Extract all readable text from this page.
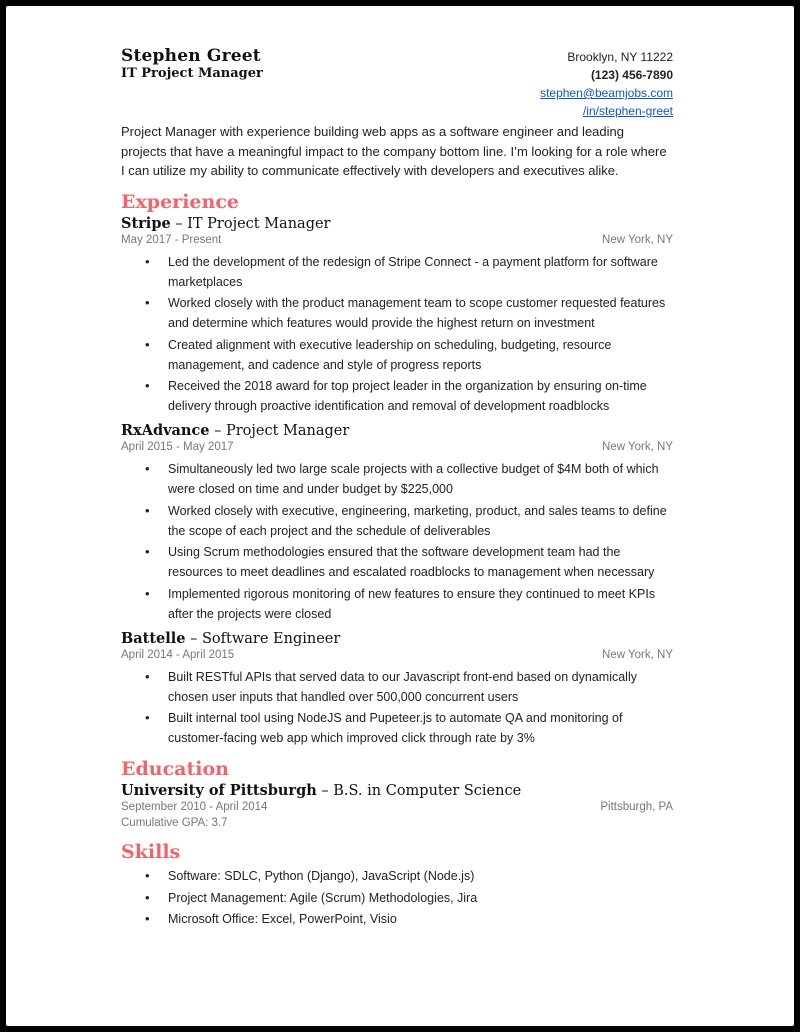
Stephen Greet
IT Project Manager
Brooklyn, NY 11222
(123) 456-7890
stephen@beamjobs.com
/in/stephen-greet

Project Manager with experience building web apps as a software engineer and leading projects that have a meaningful impact to the company bottom line. I’m looking for a role where I can utilize my ability to communicate effectively with developers and executives alike.

Experience
Stripe – IT Project Manager
May 2017 - Present	New York, NY
• Led the development of the redesign of Stripe Connect - a payment platform for software marketplaces
• Worked closely with the product management team to scope customer requested features and determine which features would provide the highest return on investment
• Created alignment with executive leadership on scheduling, budgeting, resource management, and cadence and style of progress reports
• Received the 2018 award for top project leader in the organization by ensuring on-time delivery through proactive identification and removal of development roadblocks
RxAdvance – Project Manager
April 2015 - May 2017	New York, NY
• Simultaneously led two large scale projects with a collective budget of $4M both of which were closed on time and under budget by $225,000
• Worked closely with executive, engineering, marketing, product, and sales teams to define the scope of each project and the schedule of deliverables
• Using Scrum methodologies ensured that the software development team had the resources to meet deadlines and escalated roadblocks to management when necessary
• Implemented rigorous monitoring of new features to ensure they continued to meet KPIs after the projects were closed
Battelle – Software Engineer
April 2014 - April 2015	New York, NY
• Built RESTful APIs that served data to our Javascript front-end based on dynamically chosen user inputs that handled over 500,000 concurrent users
• Built internal tool using NodeJS and Pupeteer.js to automate QA and monitoring of customer-facing web app which improved click through rate by 3%
Education
University of Pittsburgh – B.S. in Computer Science
September 2010 - April 2014	Pittsburgh, PA
Cumulative GPA: 3.7
Skills
• Software: SDLC, Python (Django), JavaScript (Node.js)
• Project Management: Agile (Scrum) Methodologies, Jira
• Microsoft Office: Excel, PowerPoint, Visio
